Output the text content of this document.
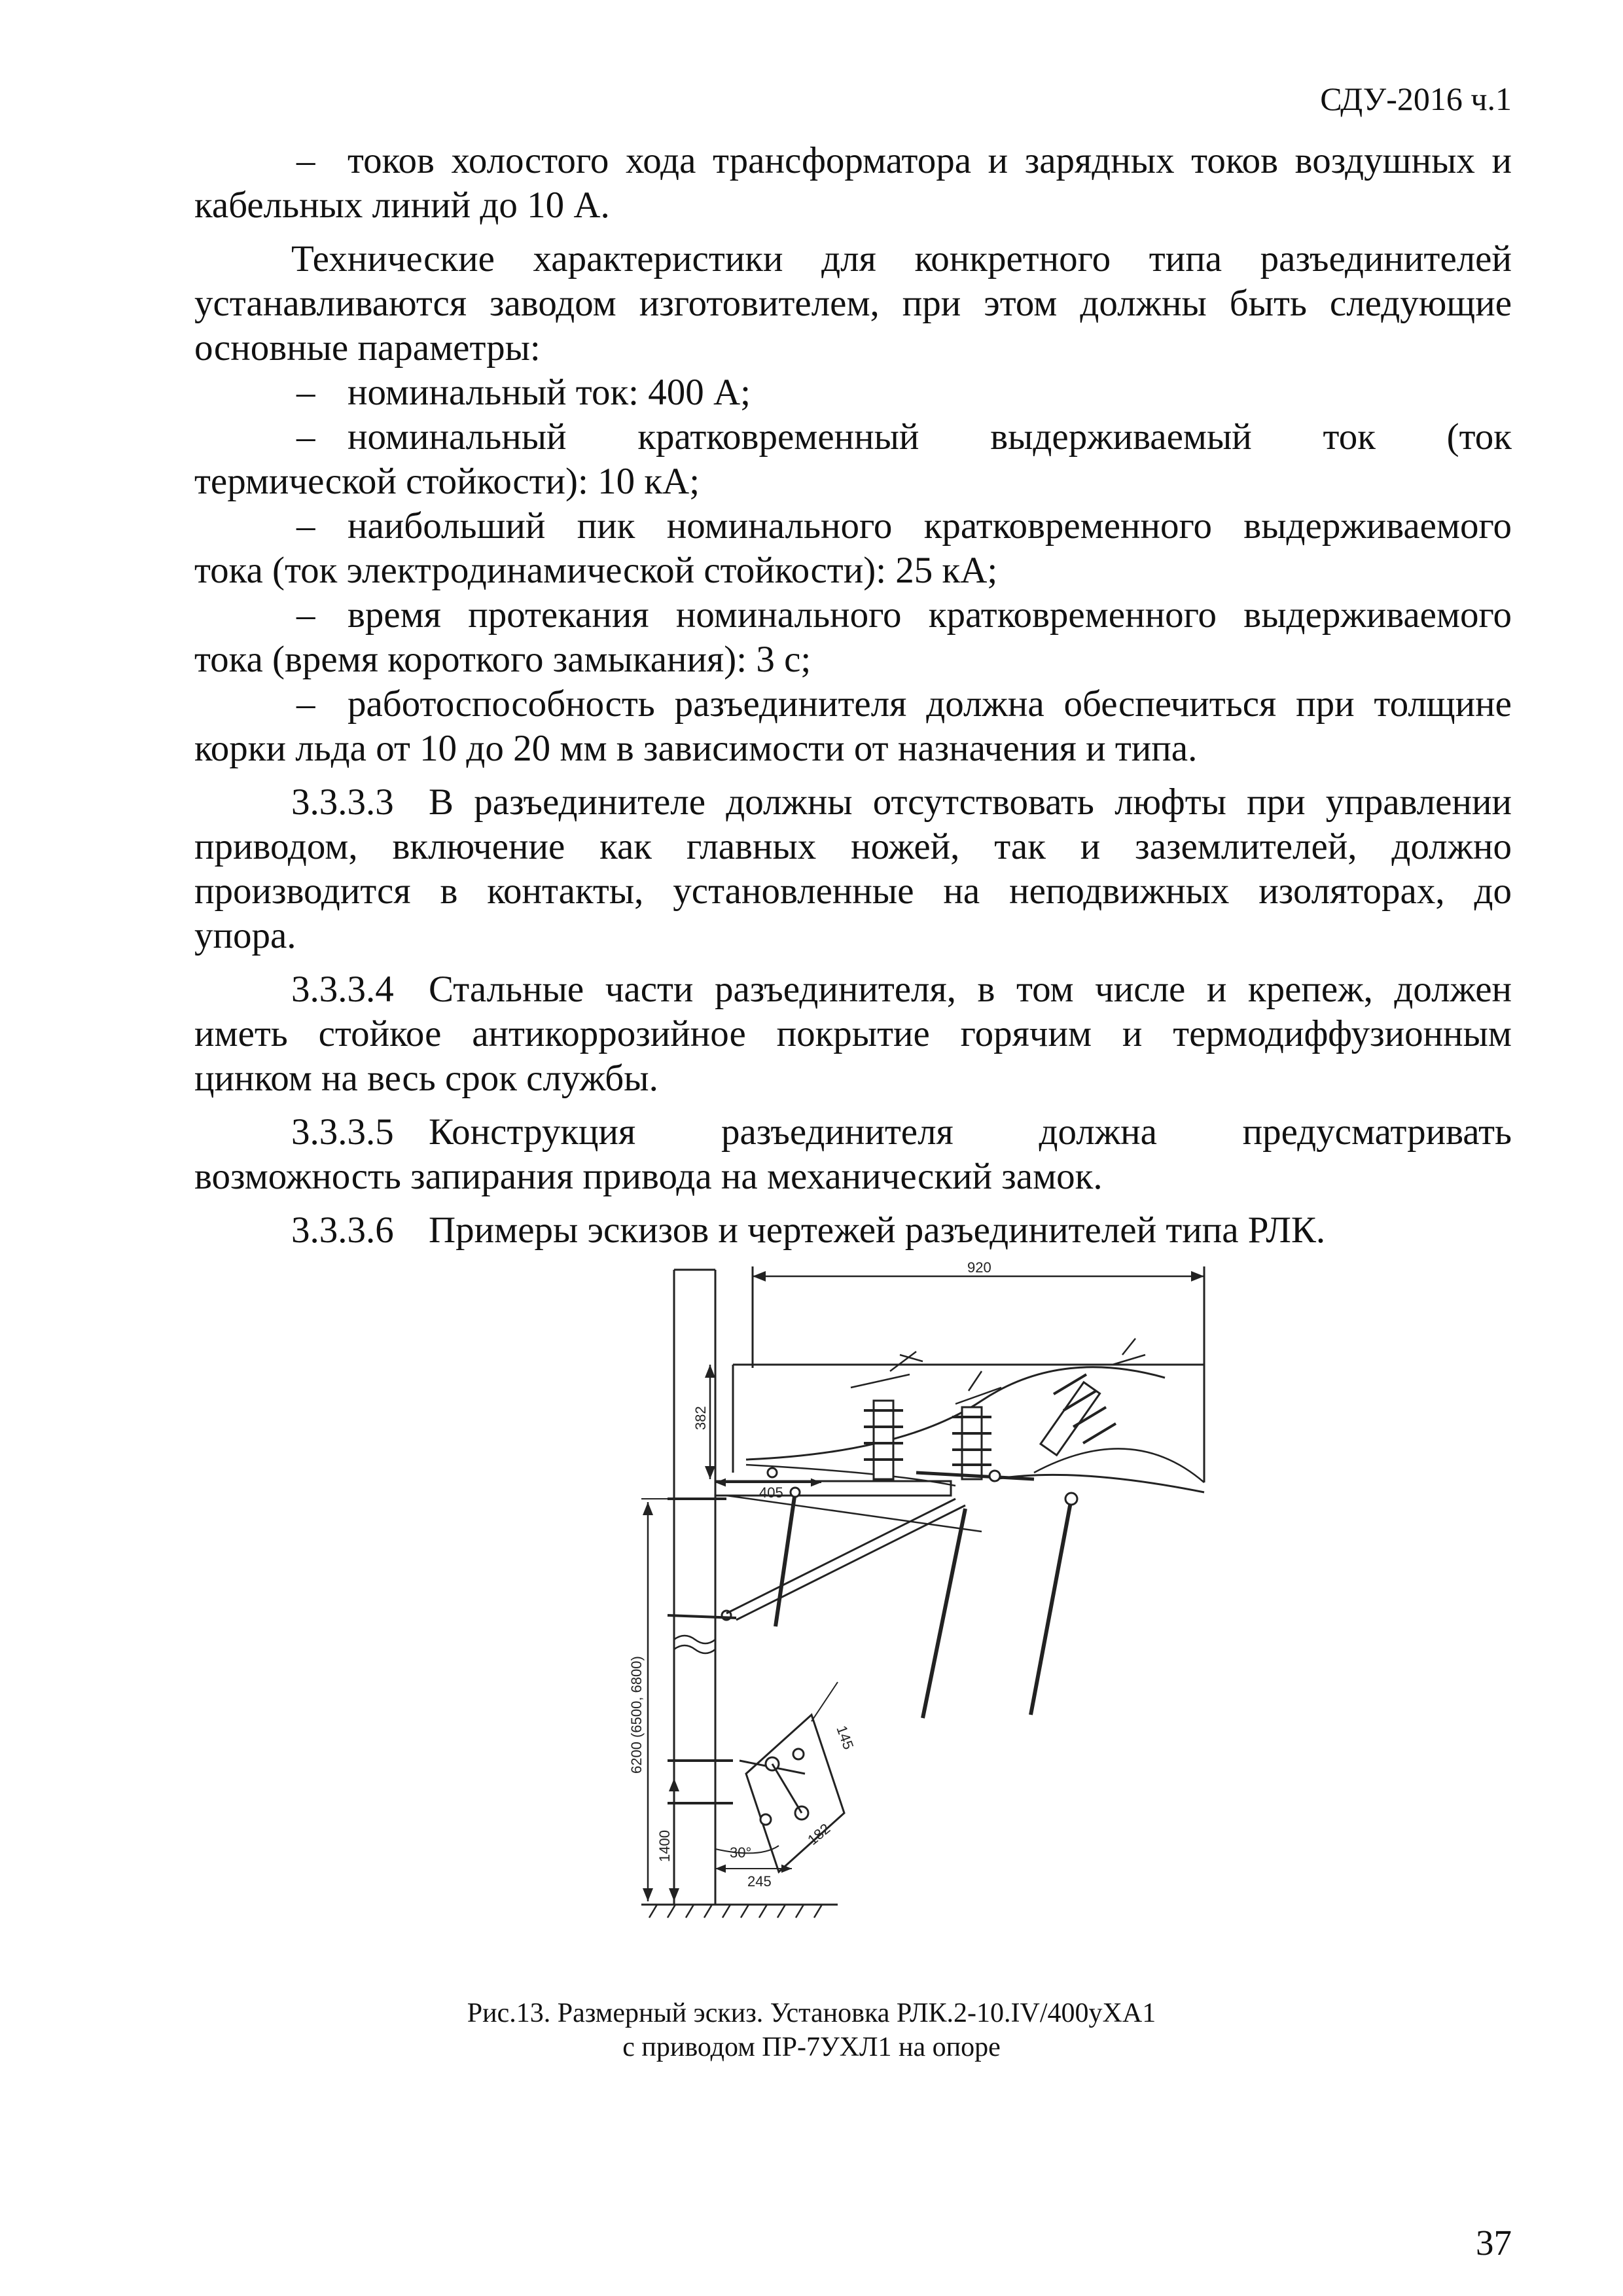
СДУ-2016 ч.1

– токов холостого хода трансформатора и зарядных токов воздушных и

кабельных линий до 10 А.

Технические характеристики для конкретного типа разъединителей

устанавливаются заводом изготовителем, при этом должны быть следующие

основные параметры:

– номинальный ток: 400 А;

– номинальный кратковременный выдерживаемый ток (ток

термической стойкости): 10 кА;

– наибольший пик номинального кратковременного выдерживаемого

тока (ток электродинамической стойкости): 25 кА;

– время протекания номинального кратковременного выдерживаемого

тока (время короткого замыкания): 3 с;

– работоспособность разъединителя должна обеспечиться при толщине

корки льда от 10 до 20 мм в зависимости от назначения и типа.

3.3.3.3 В разъединителе должны отсутствовать люфты при управлении

приводом, включение как главных ножей, так и заземлителей, должно

производится в контакты, установленные на неподвижных изоляторах, до

упора.

3.3.3.4 Стальные части разъединителя, в том числе и крепеж, должен

иметь стойкое антикоррозийное покрытие горячим и термодиффузионным

цинком на весь срок службы.

3.3.3.5 Конструкция разъединителя должна предусматривать

возможность запирания привода на механический замок.

3.3.3.6 Примеры эскизов и чертежей разъединителей типа РЛК.

920
382
405
6200 (6500, 6800)
1400
245
30°
145
182
Рис.13. Размерный эскиз. Установка РЛК.2-10.IV/400уХА1
с приводом ПР-7УХЛ1 на опоре
37
